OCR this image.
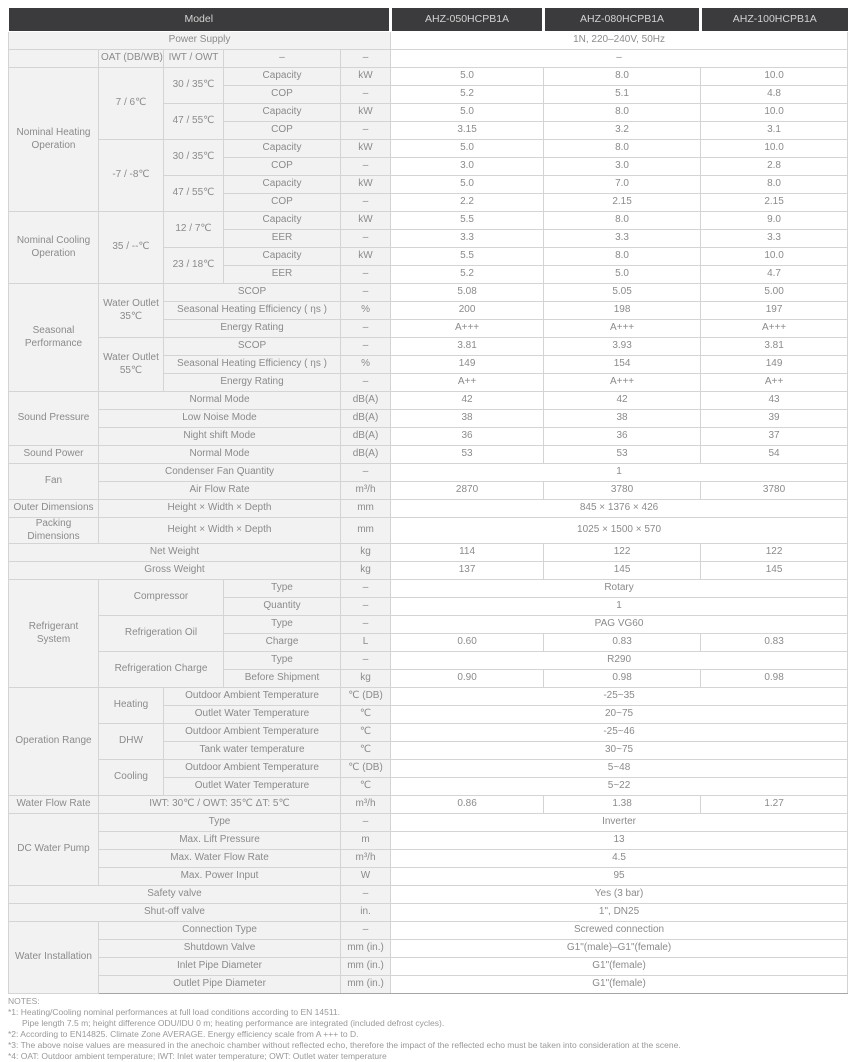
Model					AHZ-050HCPB1A	AHZ-080HCPB1A	AHZ-100HCPB1A
Power Supply					1N, 220–240V, 50Hz		
	OAT (DB/WB)	IWT / OWT	–	–	–		
Nominal Heating Operation	7 / 6℃	30 / 35℃	Capacity	kW	5.0	8.0	10.0
			COP	–	5.2	5.1	4.8
		47 / 55℃	Capacity	kW	5.0	8.0	10.0
			COP	–	3.15	3.2	3.1
	-7 / -8℃	30 / 35℃	Capacity	kW	5.0	8.0	10.0
			COP	–	3.0	3.0	2.8
		47 / 55℃	Capacity	kW	5.0	7.0	8.0
			COP	–	2.2	2.15	2.15
Nominal Cooling Operation	35 / --℃	12 / 7℃	Capacity	kW	5.5	8.0	9.0
			EER	–	3.3	3.3	3.3
		23 / 18℃	Capacity	kW	5.5	8.0	10.0
			EER	–	5.2	5.0	4.7
Seasonal Performance	Water Outlet 35℃	SCOP		–	5.08	5.05	5.00
		Seasonal Heating Efficiency ( ηs )		%	200	198	197
		Energy Rating		–	A+++	A+++	A+++
	Water Outlet 55℃	SCOP		–	3.81	3.93	3.81
		Seasonal Heating Efficiency ( ηs )		%	149	154	149
		Energy Rating		–	A++	A+++	A++
Sound Pressure	Normal Mode			dB(A)	42	42	43
	Low Noise Mode			dB(A)	38	38	39
	Night shift Mode			dB(A)	36	36	37
Sound Power	Normal Mode			dB(A)	53	53	54
Fan	Condenser Fan Quantity			–	1		
	Air Flow Rate			m³/h	2870	3780	3780
Outer Dimensions	Height × Width × Depth			mm	845 × 1376 × 426		
Packing Dimensions	Height × Width × Depth			mm	1025 × 1500 × 570		
Net Weight				kg	114	122	122
Gross Weight				kg	137	145	145
Refrigerant System	Compressor		Type	–	Rotary		
			Quantity	–	1		
	Refrigeration Oil		Type	–	PAG VG60		
			Charge	L	0.60	0.83	0.83
	Refrigeration Charge		Type	–	R290		
			Before Shipment	kg	0.90	0.98	0.98
Operation Range	Heating	Outdoor Ambient Temperature		℃ (DB)	-25~35		
		Outlet Water Temperature		℃	20~75		
	DHW	Outdoor Ambient Temperature		℃	-25~46		
		Tank water temperature		℃	30~75		
	Cooling	Outdoor Ambient Temperature		℃ (DB)	5~48		
		Outlet Water Temperature		℃	5~22		
Water Flow Rate	IWT: 30℃ / OWT: 35℃ ΔT: 5℃			m³/h	0.86	1.38	1.27
DC Water Pump	Type			–	Inverter		
	Max. Lift Pressure			m	13		
	Max. Water Flow Rate			m³/h	4.5		
	Max. Power Input			W	95		
Safety valve				–	Yes (3 bar)		
Shut-off valve				in.	1", DN25		
Water Installation	Connection Type			–	Screwed connection		
	Shutdown Valve			mm (in.)	G1"(male)–G1"(female)		
	Inlet Pipe Diameter			mm (in.)	G1"(female)		
	Outlet Pipe Diameter			mm (in.)	G1"(female)		
NOTES:
*1: Heating/Cooling nominal performances at full load conditions according to EN 14511.
Pipe length 7.5 m; height difference ODU/IDU 0 m; heating performance are integrated (included defrost cycles).
*2: According to EN14825. Climate Zone AVERAGE. Energy efficiency scale from A +++ to D.
*3: The above noise values are measured in the anechoic chamber without reflected echo, therefore the impact of the reflected echo must be taken into consideration at the scene.
*4: OAT: Outdoor ambient temperature; IWT: Inlet water temperature; OWT: Outlet water temperature
